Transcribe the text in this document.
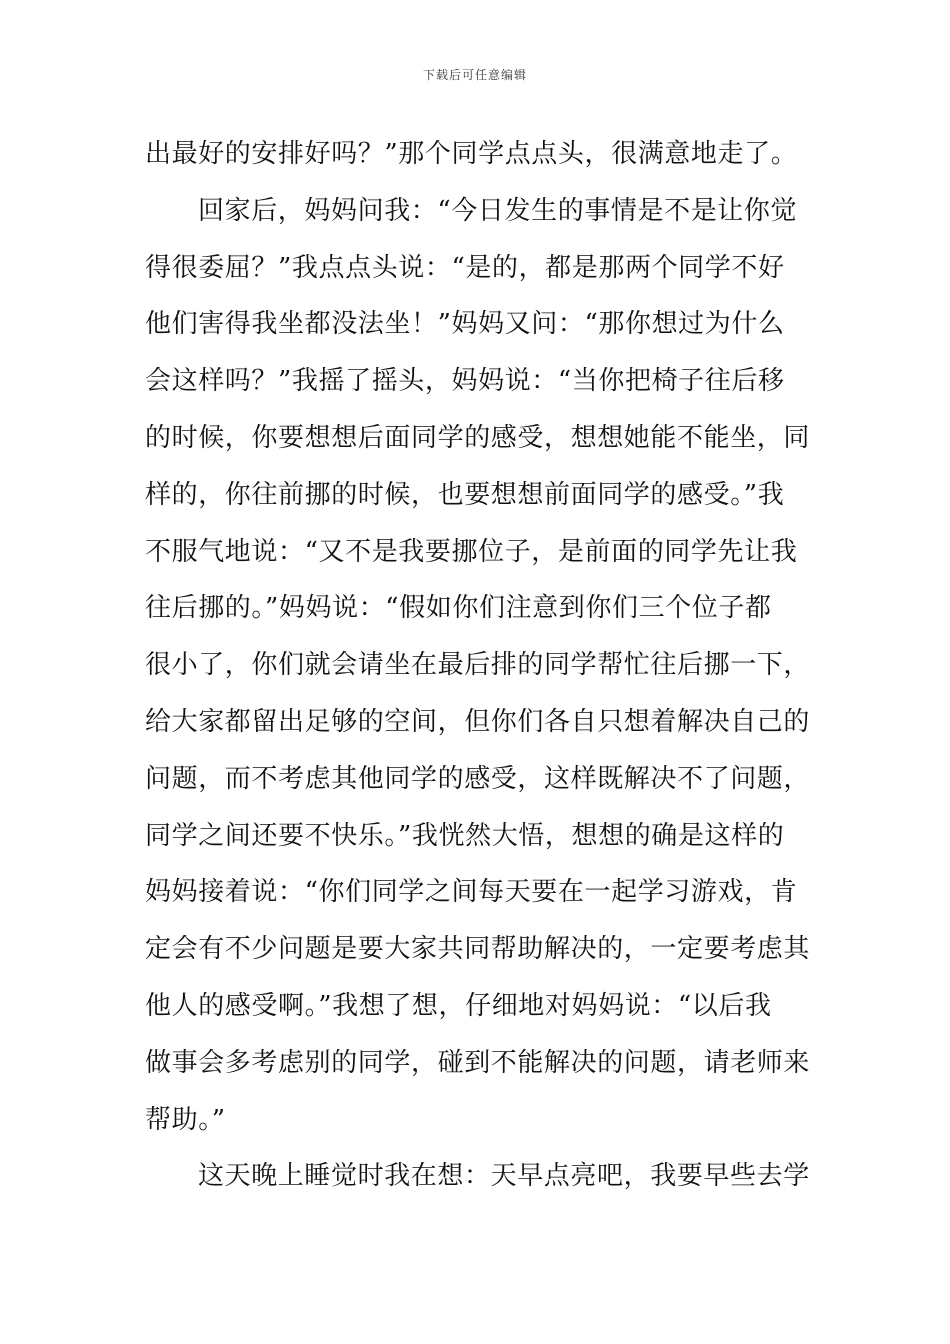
下载后可任意编辑
出最好的安排好吗？”那个同学点点头，很满意地走了。
回家后，妈妈问我：“今日发生的事情是不是让你觉
得很委屈？”我点点头说：“是的，都是那两个同学不好
他们害得我坐都没法坐！”妈妈又问：“那你想过为什么
会这样吗？”我摇了摇头，妈妈说：“当你把椅子往后移
的时候，你要想想后面同学的感受，想想她能不能坐，同
样的，你往前挪的时候，也要想想前面同学的感受。”我
不服气地说：“又不是我要挪位子，是前面的同学先让我
往后挪的。”妈妈说：“假如你们注意到你们三个位子都
很小了，你们就会请坐在最后排的同学帮忙往后挪一下，
给大家都留出足够的空间，但你们各自只想着解决自己的
问题，而不考虑其他同学的感受，这样既解决不了问题，
同学之间还要不快乐。”我恍然大悟，想想的确是这样的
妈妈接着说：“你们同学之间每天要在一起学习游戏，肯
定会有不少问题是要大家共同帮助解决的，一定要考虑其
他人的感受啊。”我想了想，仔细地对妈妈说：“以后我
做事会多考虑别的同学，碰到不能解决的问题，请老师来
帮助。”
这天晚上睡觉时我在想：天早点亮吧，我要早些去学
